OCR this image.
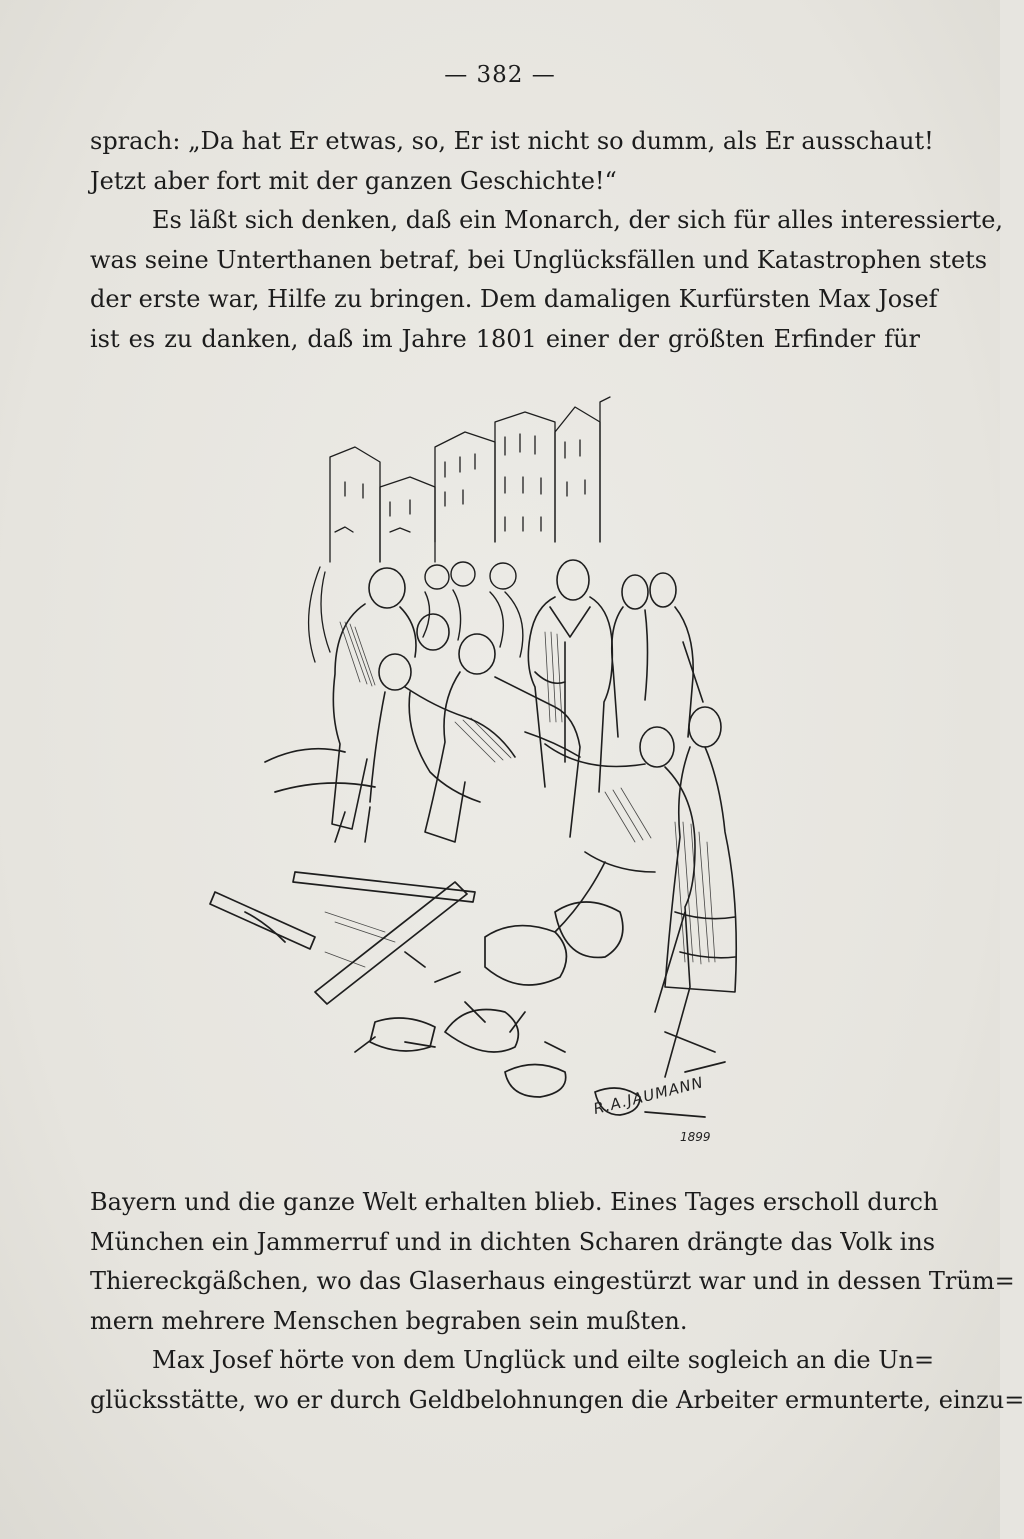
— 382 —
sprach: „Da hat Er etwas, so, Er ist nicht so dumm, als Er ausschaut!
Jetzt aber fort mit der ganzen Geschichte!“
Es läßt sich denken, daß ein Monarch, der sich für alles interessierte,
was seine Unterthanen betraf, bei Unglücksfällen und Katastrophen stets
der erste war, Hilfe zu bringen. Dem damaligen Kurfürsten Max Josef
ist es zu danken, daß im Jahre 1801 einer der größten Erfinder für
R.A.JAUMANN
1899
Bayern und die ganze Welt erhalten blieb. Eines Tages erscholl durch
München ein Jammerruf und in dichten Scharen drängte das Volk ins
Thiereckgäßchen, wo das Glaserhaus eingestürzt war und in dessen Trüm=
mern mehrere Menschen begraben sein mußten.
Max Josef hörte von dem Unglück und eilte sogleich an die Un=
glücksstätte, wo er durch Geldbelohnungen die Arbeiter ermunterte, einzu=
